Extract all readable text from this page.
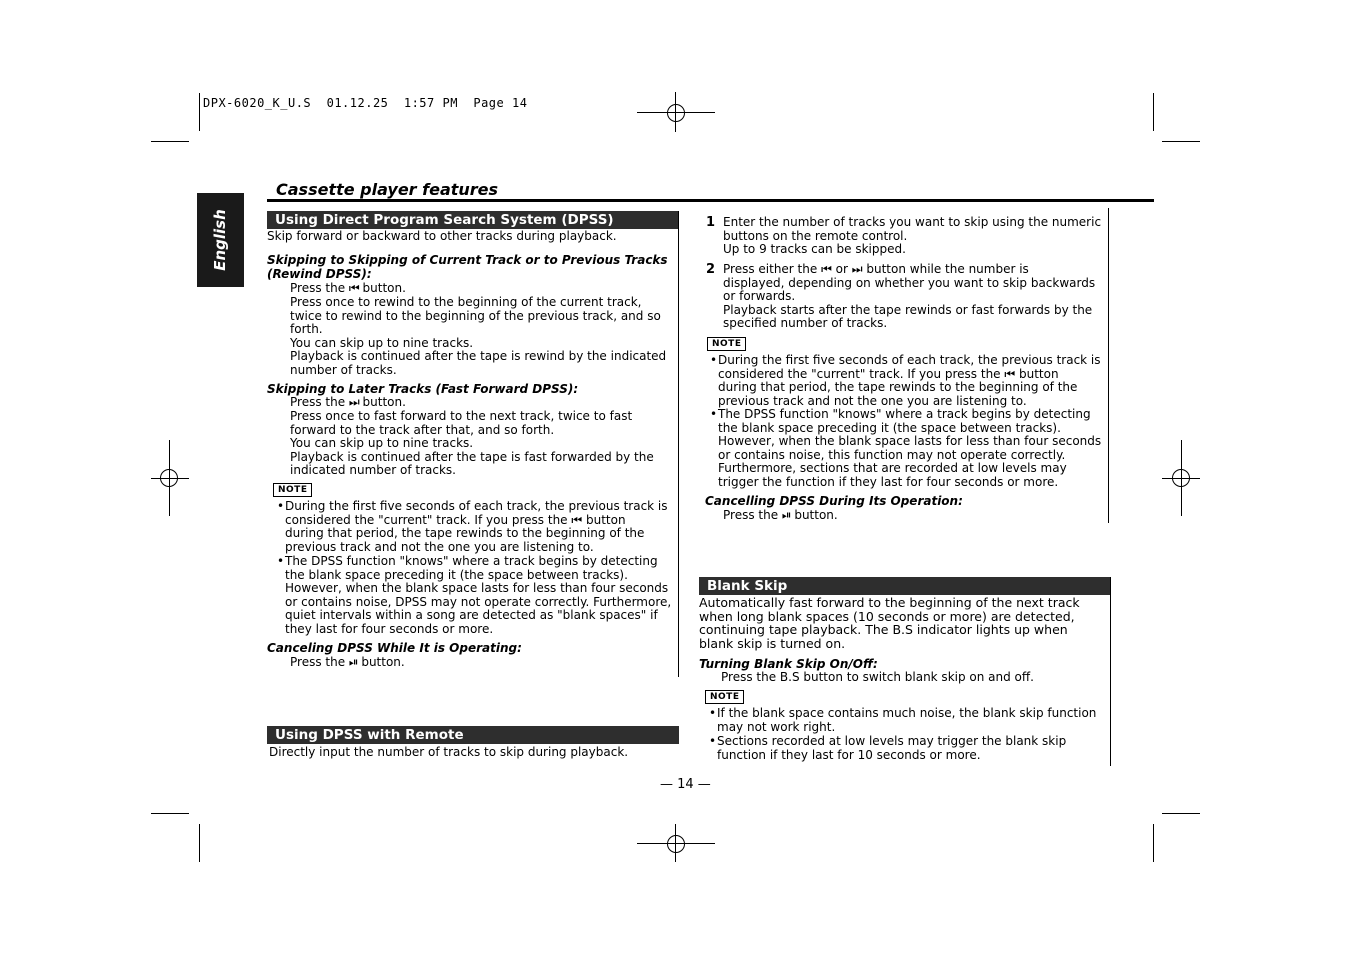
DPX-6020_K_U.S  01.12.25  1:57 PM  Page 14
English
Cassette player features
Using Direct Program Search System (DPSS)
Skip forward or backward to other tracks during playback.
Skipping to Skipping of Current Track or to Previous Tracks
(Rewind DPSS):
Press the ⏮ button.
Press once to rewind to the beginning of the current track,
twice to rewind to the beginning of the previous track, and so
forth.
You can skip up to nine tracks.
Playback is continued after the tape is rewind by the indicated
number of tracks.
Skipping to Later Tracks (Fast Forward DPSS):
Press the ⏭ button.
Press once to fast forward to the next track, twice to fast
forward to the track after that, and so forth.
You can skip up to nine tracks.
Playback is continued after the tape is fast forwarded by the
indicated number of tracks.
NOTE
• During the first five seconds of each track, the previous track is
considered the "current" track. If you press the ⏮ button
during that period, the tape rewinds to the beginning of the
previous track and not the one you are listening to.
• The DPSS function "knows" where a track begins by detecting
the blank space preceding it (the space between tracks).
However, when the blank space lasts for less than four seconds
or contains noise, DPSS may not operate correctly. Furthermore,
quiet intervals within a song are detected as "blank spaces" if
they last for four seconds or more.
Canceling DPSS While It is Operating:
Press the ⏯ button.
Using DPSS with Remote
Directly input the number of tracks to skip during playback.
1 Enter the number of tracks you want to skip using the numeric
buttons on the remote control.
Up to 9 tracks can be skipped.
2 Press either the ⏮ or ⏭ button while the number is
displayed, depending on whether you want to skip backwards
or forwards.
Playback starts after the tape rewinds or fast forwards by the
specified number of tracks.
NOTE
• During the first five seconds of each track, the previous track is
considered the "current" track. If you press the ⏮ button
during that period, the tape rewinds to the beginning of the
previous track and not the one you are listening to.
• The DPSS function "knows" where a track begins by detecting
the blank space preceding it (the space between tracks).
However, when the blank space lasts for less than four seconds
or contains noise, this function may not operate correctly.
Furthermore, sections that are recorded at low levels may
trigger the function if they last for four seconds or more.
Cancelling DPSS During Its Operation:
Press the ⏯ button.
Blank Skip
Automatically fast forward to the beginning of the next track
when long blank spaces (10 seconds or more) are detected,
continuing tape playback. The B.S indicator lights up when
blank skip is turned on.
Turning Blank Skip On/Off:
Press the B.S button to switch blank skip on and off.
NOTE
• If the blank space contains much noise, the blank skip function
may not work right.
• Sections recorded at low levels may trigger the blank skip
function if they last for 10 seconds or more.
— 14 —
